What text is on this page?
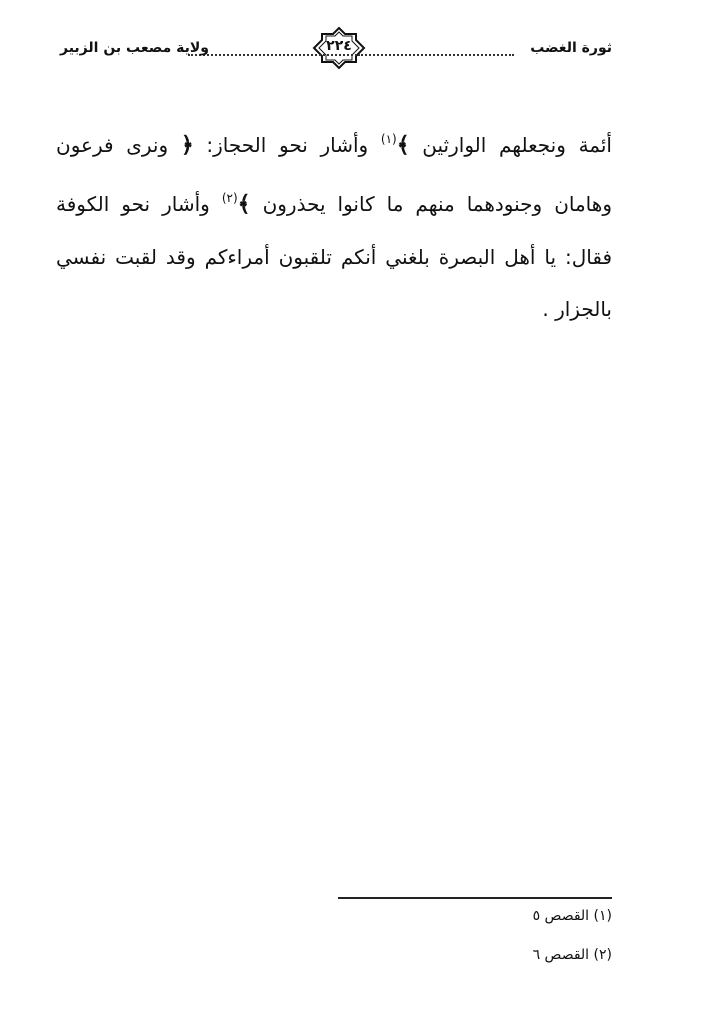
ثورة الغضب
٢٢٤
ولاية مصعب بن الزبير

أئمة ونجعلهم الوارثين ﴾$^{(١)}$ وأشار نحو الحجاز: ﴿ ونرى فرعون وهامان وجنودهما منهم ما كانوا يحذرون ﴾$^{(٢)}$ وأشار نحو الكوفة فقال: يا أهل البصرة بلغني أنكم تلقبون أمراءكم وقد لقبت نفسي بالجزار .

(١) القصص ٥
(٢) القصص ٦
